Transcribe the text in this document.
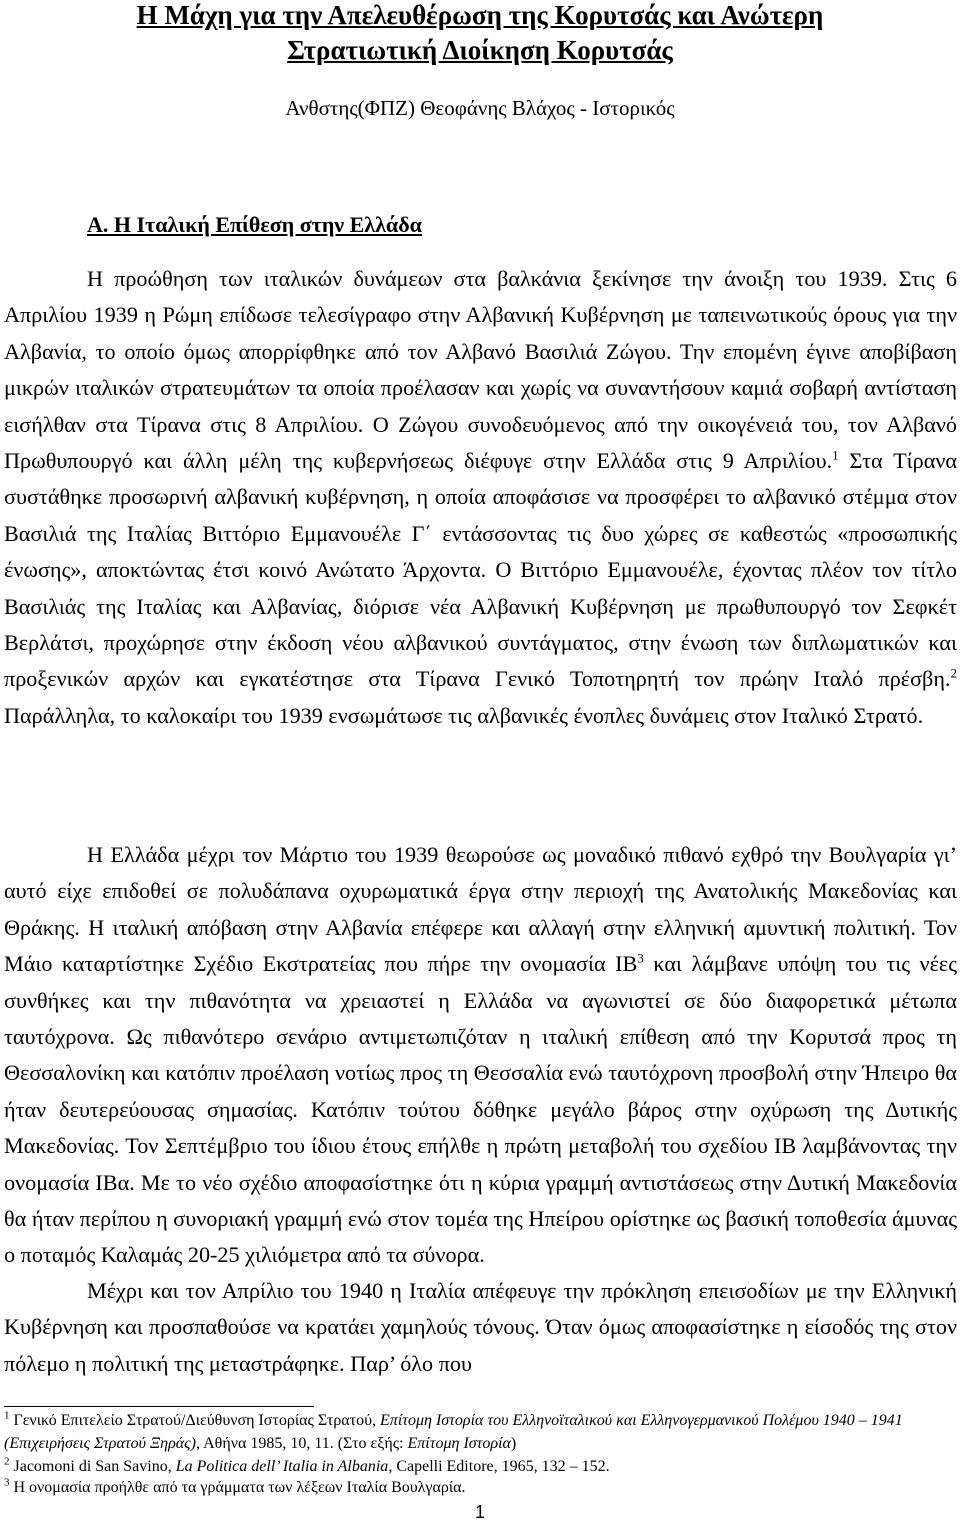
Η Μάχη για την Απελευθέρωση της Κορυτσάς και Ανώτερη
Στρατιωτική Διοίκηση Κορυτσάς
Ανθστης(ΦΠΖ) Θεοφάνης Βλάχος - Ιστορικός
Α. Η Ιταλική Επίθεση στην Ελλάδα
Η προώθηση των ιταλικών δυνάμεων στα βαλκάνια ξεκίνησε την άνοιξη του 1939. Στις 6 Απριλίου 1939 η Ρώμη επίδωσε τελεσίγραφο στην Αλβανική Κυβέρνηση με ταπεινωτικούς όρους για την Αλβανία, το οποίο όμως απορρίφθηκε από τον Αλβανό Βασιλιά Ζώγου. Την επομένη έγινε αποβίβαση μικρών ιταλικών στρατευμάτων τα οποία προέλασαν και χωρίς να συναντήσουν καμιά σοβαρή αντίσταση εισήλθαν στα Τίρανα στις 8 Απριλίου. Ο Ζώγου συνοδευόμενος από την οικογένειά του, τον Αλβανό Πρωθυπουργό και άλλη μέλη της κυβερνήσεως διέφυγε στην Ελλάδα στις 9 Απριλίου.$^1$ Στα Τίρανα συστάθηκε προσωρινή αλβανική κυβέρνηση, η οποία αποφάσισε να προσφέρει το αλβανικό στέμμα στον Βασιλιά της Ιταλίας Βιττόριο Εμμανουέλε Γ΄ εντάσσοντας τις δυο χώρες σε καθεστώς «προσωπικής ένωσης», αποκτώντας έτσι κοινό Ανώτατο Άρχοντα. Ο Βιττόριο Εμμανουέλε, έχοντας πλέον τον τίτλο Βασιλιάς της Ιταλίας και Αλβανίας, διόρισε νέα Αλβανική Κυβέρνηση με πρωθυπουργό τον Σεφκέτ Βερλάτσι, προχώρησε στην έκδοση νέου αλβανικού συντάγματος, στην ένωση των διπλωματικών και προξενικών αρχών και εγκατέστησε στα Τίρανα Γενικό Τοποτηρητή τον πρώην Ιταλό πρέσβη.$^2$ Παράλληλα, το καλοκαίρι του 1939 ενσωμάτωσε τις αλβανικές ένοπλες δυνάμεις στον Ιταλικό Στρατό.
Η Ελλάδα μέχρι τον Μάρτιο του 1939 θεωρούσε ως μοναδικό πιθανό εχθρό την Βουλγαρία γι’ αυτό είχε επιδοθεί σε πολυδάπανα οχυρωματικά έργα στην περιοχή της Ανατολικής Μακεδονίας και Θράκης. Η ιταλική απόβαση στην Αλβανία επέφερε και αλλαγή στην ελληνική αμυντική πολιτική. Τον Μάιο καταρτίστηκε Σχέδιο Εκστρατείας που πήρε την ονομασία $IB^3$ και λάμβανε υπόψη του τις νέες συνθήκες και την πιθανότητα να χρειαστεί η Ελλάδα να αγωνιστεί σε δύο διαφορετικά μέτωπα ταυτόχρονα. Ως πιθανότερο σενάριο αντιμετωπιζόταν η ιταλική επίθεση από την Κορυτσά προς τη Θεσσαλονίκη και κατόπιν προέλαση νοτίως προς τη Θεσσαλία ενώ ταυτόχρονη προσβολή στην Ήπειρο θα ήταν δευτερεύουσας σημασίας. Κατόπιν τούτου δόθηκε μεγάλο βάρος στην οχύρωση της Δυτικής Μακεδονίας. Τον Σεπτέμβριο του ίδιου έτους επήλθε η πρώτη μεταβολή του σχεδίου ΙΒ λαμβάνοντας την ονομασία ΙΒα. Με το νέο σχέδιο αποφασίστηκε ότι η κύρια γραμμή αντιστάσεως στην Δυτική Μακεδονία θα ήταν περίπου η συνοριακή γραμμή ενώ στον τομέα της Ηπείρου ορίστηκε ως βασική τοποθεσία άμυνας ο ποταμός Καλαμάς 20-25 χιλιόμετρα από τα σύνορα.
Μέχρι και τον Απρίλιο του 1940 η Ιταλία απέφευγε την πρόκληση επεισοδίων με την Ελληνική Κυβέρνηση και προσπαθούσε να κρατάει χαμηλούς τόνους. Όταν όμως αποφασίστηκε η είσοδός της στον πόλεμο η πολιτική της μεταστράφηκε. Παρ’ όλο που
$^1$ Γενικό Επιτελείο Στρατού/Διεύθυνση Ιστορίας Στρατού, Επίτομη Ιστορία του Ελληνοϊταλικού και Ελληνογερμανικού Πολέμου 1940 – 1941 (Επιχειρήσεις Στρατού Ξηράς), Αθήνα 1985, 10, 11. (Στο εξής: Επίτομη Ιστορία)
$^2$ Jacomoni di San Savino, La Politica dell’ Italia in Albania, Capelli Editore, 1965, 132 – 152.
$^3$ Η ονομασία προήλθε από τα γράμματα των λέξεων Ιταλία Βουλγαρία.
1
